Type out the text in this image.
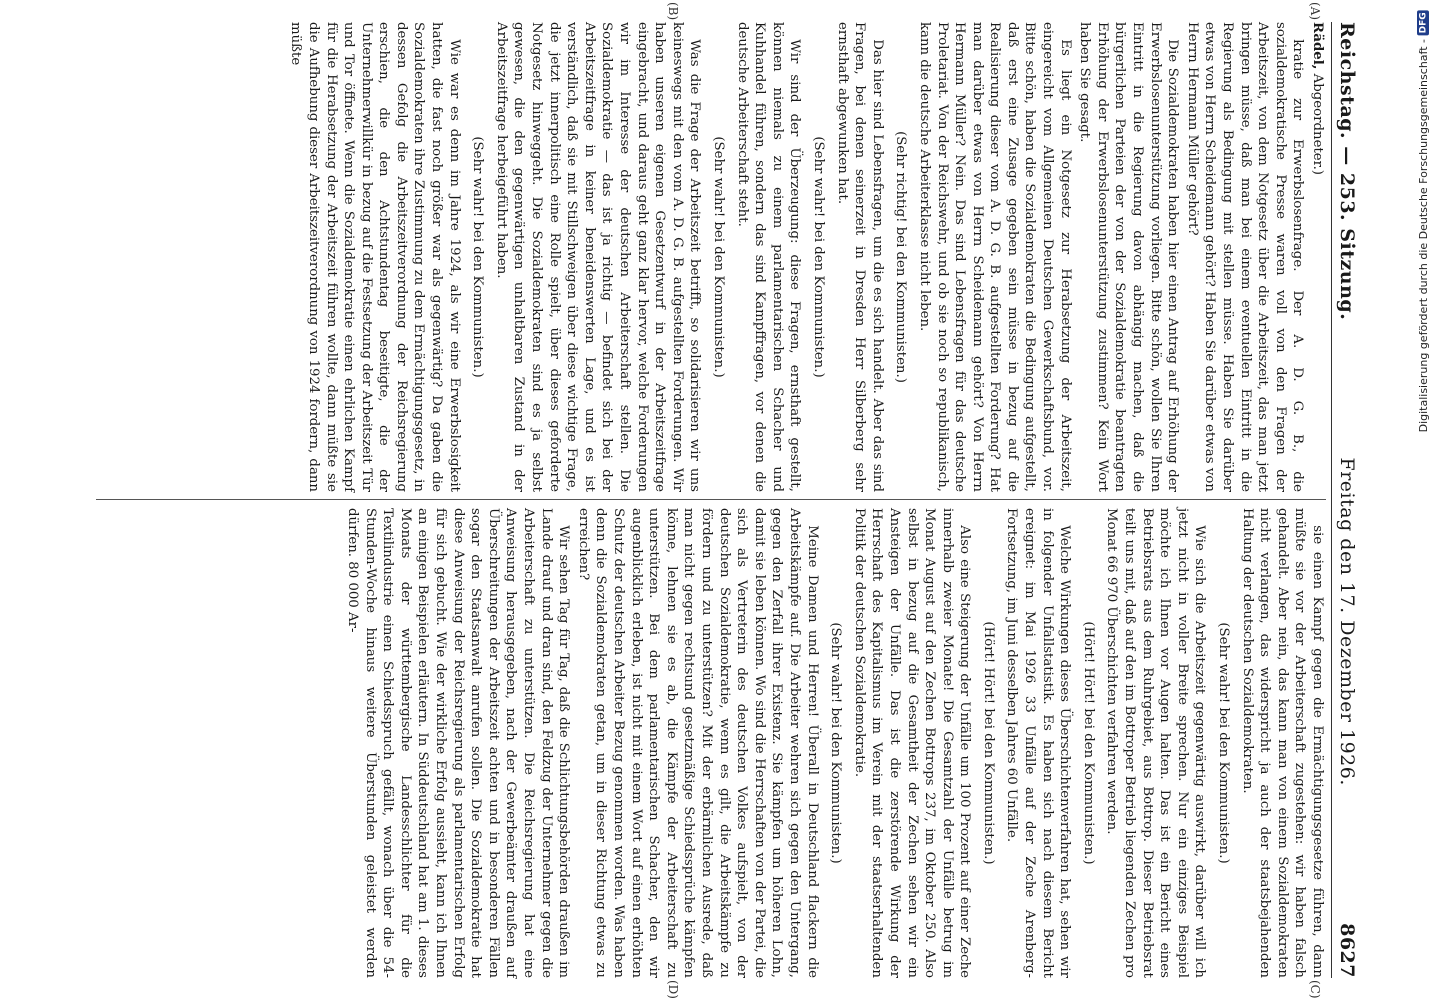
Reichstag. — 253. Sitzung.
Freitag den 17. Dezember 1926.
8627
(A)
(B)
(C)
(D)

Rädel, Abgeordneter.)

kratie zur Erwerbslosenfrage. Der A. D. G. B., die sozialdemokratische Presse waren voll von den Fragen der Arbeitszeit, von dem Notgesetz über die Arbeitszeit, das man jetzt bringen müsse, daß man bei einem eventuellen Eintritt in die Regierung als Bedingung mit stellen müsse. Haben Sie darüber etwas von Herrn Scheidemann gehört? Haben Sie darüber etwas von Herrn Hermann Müller gehört?

Die Sozialdemokraten haben hier einen Antrag auf Erhöhung der Erwerbslosenunterstützung vorliegen. Bitte schön, wollen Sie Ihren Eintritt in die Regierung davon abhängig machen, daß die bürgerlichen Parteien der von der Sozialdemokratie beantragten Erhöhung der Erwerbslosenunterstützung zustimmen? Kein Wort haben Sie gesagt.

Es liegt ein Notgesetz zur Herabsetzung der Arbeitszeit, eingereicht vom Allgemeinen Deutschen Gewerkschaftsbund, vor. Bitte schön, haben die Sozialdemokraten die Bedingung aufgestellt, daß erst eine Zusage gegeben sein müsse in bezug auf die Realisierung dieser vom A. D. G. B. aufgestellten Forderung? Hat man darüber etwas von Herrn Scheidemann gehört? Von Herrn Hermann Müller? Nein. Das sind Lebensfragen für das deutsche Proletariat. Von der Reichswehr, und ob sie noch so republikanisch, kann die deutsche Arbeiterklasse nicht leben.

(Sehr richtig! bei den Kommunisten.)

Das hier sind Lebensfragen, um die es sich handelt. Aber das sind Fragen, bei denen seinerzeit in Dresden Herr Silberberg sehr ernsthaft abgewunken hat.

(Sehr wahr! bei den Kommunisten.)

Wir sind der Überzeugung: diese Fragen, ernsthaft gestellt, können niemals zu einem parlamentarischen Schacher und Kuhhandel führen, sondern das sind Kampffragen, vor denen die deutsche Arbeiterschaft steht.

(Sehr wahr! bei den Kommunisten.)

Was die Frage der Arbeitszeit betrifft, so solidarisieren wir uns keineswegs mit den vom A. D. G. B. aufgestellten Forderungen. Wir haben unseren eigenen Gesetzentwurf in der Arbeitszeitfrage eingebracht, und daraus geht ganz klar hervor, welche Forderungen wir im Interesse der deutschen Arbeiterschaft stellen. Die Sozialdemokratie — das ist ja richtig — befindet sich bei der Arbeitszeitfrage in keiner beneidenswerten Lage, und es ist verständlich, daß sie mit Stillschweigen über diese wichtige Frage, die jetzt innerpolitisch eine Rolle spielt, über dieses geforderte Notgesetz hinweggeht. Die Sozialdemokraten sind es ja selbst gewesen, die den gegenwärtigen unhaltbaren Zustand in der Arbeitszeitfrage herbeigeführt haben.

(Sehr wahr! bei den Kommunisten.)

Wie war es denn im Jahre 1924, als wir eine Erwerbslosigkeit hatten, die fast noch größer war als gegenwärtig? Da gaben die Sozialdemokraten ihre Zustimmung zu dem Ermächtigungsgesetz, in dessen Gefolg die Arbeitszeitverordnung der Reichsregierung erschien, die den Achtstundentag beseitigte, die der Unternehmerwillkür in bezug auf die Festsetzung der Arbeitszeit Tür und Tor öffnete. Wenn die Sozialdemokratie einen ehrlichen Kampf für die Herabsetzung der Arbeitszeit führen wollte, dann müßte sie die Aufhebung dieser Arbeitszeitverordnung von 1924 fordern, dann müßte

sie einen Kampf gegen die Ermächtigungsgesetze führen, dann müßte sie vor der Arbeiterschaft zugestehen: wir haben falsch gehandelt. Aber nein, das kann man von einem Sozialdemokraten nicht verlangen, das widerspricht ja auch der staatsbejahenden Haltung der deutschen Sozialdemokraten.

(Sehr wahr! bei den Kommunisten.)

Wie sich die Arbeitszeit gegenwärtig auswirkt, darüber will ich jetzt nicht in voller Breite sprechen. Nur ein einziges Beispiel möchte ich Ihnen vor Augen halten. Das ist ein Bericht eines Betriebsrats aus dem Ruhrgebiet, aus Bottrop. Dieser Betriebsrat teilt uns mit, daß auf den im Bottroper Betrieb liegenden Zechen pro Monat 66 970 Überschichten verfahren werden.

(Hört! Hört! bei den Kommunisten.)

Welche Wirkungen dieses Überschichtenverfahren hat, sehen wir in folgender Unfallstatistik. Es haben sich nach diesem Bericht ereignet: im Mai 1926 33 Unfälle auf der Zeche Arenberg-Fortsetzung, im Juni desselben Jahres 60 Unfälle.

(Hört! Hört! bei den Kommunisten.)

Also eine Steigerung der Unfälle um 100 Prozent auf einer Zeche innerhalb zweier Monate! Die Gesamtzahl der Unfälle betrug im Monat August auf den Zechen Bottrops 237, im Oktober 250. Also selbst in bezug auf die Gesamtheit der Zechen sehen wir ein Ansteigen der Unfälle. Das ist die zerstörende Wirkung der Herrschaft des Kapitalismus im Verein mit der staatserhaltenden Politik der deutschen Sozialdemokratie.

(Sehr wahr! bei den Kommunisten.)

Meine Damen und Herren! Überall in Deutschland flackern die Arbeitskämpfe auf. Die Arbeiter wehren sich gegen den Untergang, gegen den Zerfall ihrer Existenz. Sie kämpfen um höheren Lohn, damit sie leben können. Wo sind die Herrschaften von der Partei, die sich als Vertreterin des deutschen Volkes aufspielt, von der deutschen Sozialdemokratie, wenn es gilt, die Arbeitskämpfe zu fördern und zu unterstützen? Mit der erbärmlichen Ausrede, daß man nicht gegen rechtsund gesetzmäßige Schiedssprüche kämpfen könne, lehnen sie es ab, die Kämpfe der Arbeiterschaft zu unterstützen. Bei dem parlamentarischen Schacher, den wir augenblicklich erleben, ist nicht mit einem Wort auf einen erhöhten Schutz der deutschen Arbeiter Bezug genommen worden. Was haben denn die Sozialdemokraten getan, um in dieser Richtung etwas zu erreichen?

Wir sehen Tag für Tag, daß die Schlichtungsbehörden draußen im Lande drauf und dran sind, den Feldzug der Unternehmer gegen die Arbeiterschaft zu unterstützen. Die Reichsregierung hat eine Anweisung herausgegeben, nach der Gewerbeämter draußen auf Überschreitungen der Arbeitszeit achten und in besonderen Fällen sogar den Staatsanwalt anrufen sollen. Die Sozialdemokratie hat diese Anweisung der Reichsregierung als parlamentarischen Erfolg für sich gebucht. Wie der wirkliche Erfolg aussieht, kann ich Ihnen an einigen Beispielen erläutern. In Süddeutschland hat am 1. dieses Monats der württembergische Landesschlichter für die Textilindustrie einen Schiedsspruch gefällt, wonach über die 54-Stunden-Woche hinaus weitere Überstunden geleistet werden dürfen. 80 000 Ar-

Digitalisierung gefördert durch die Deutsche Forschungsgemeinschaft -
DFG
